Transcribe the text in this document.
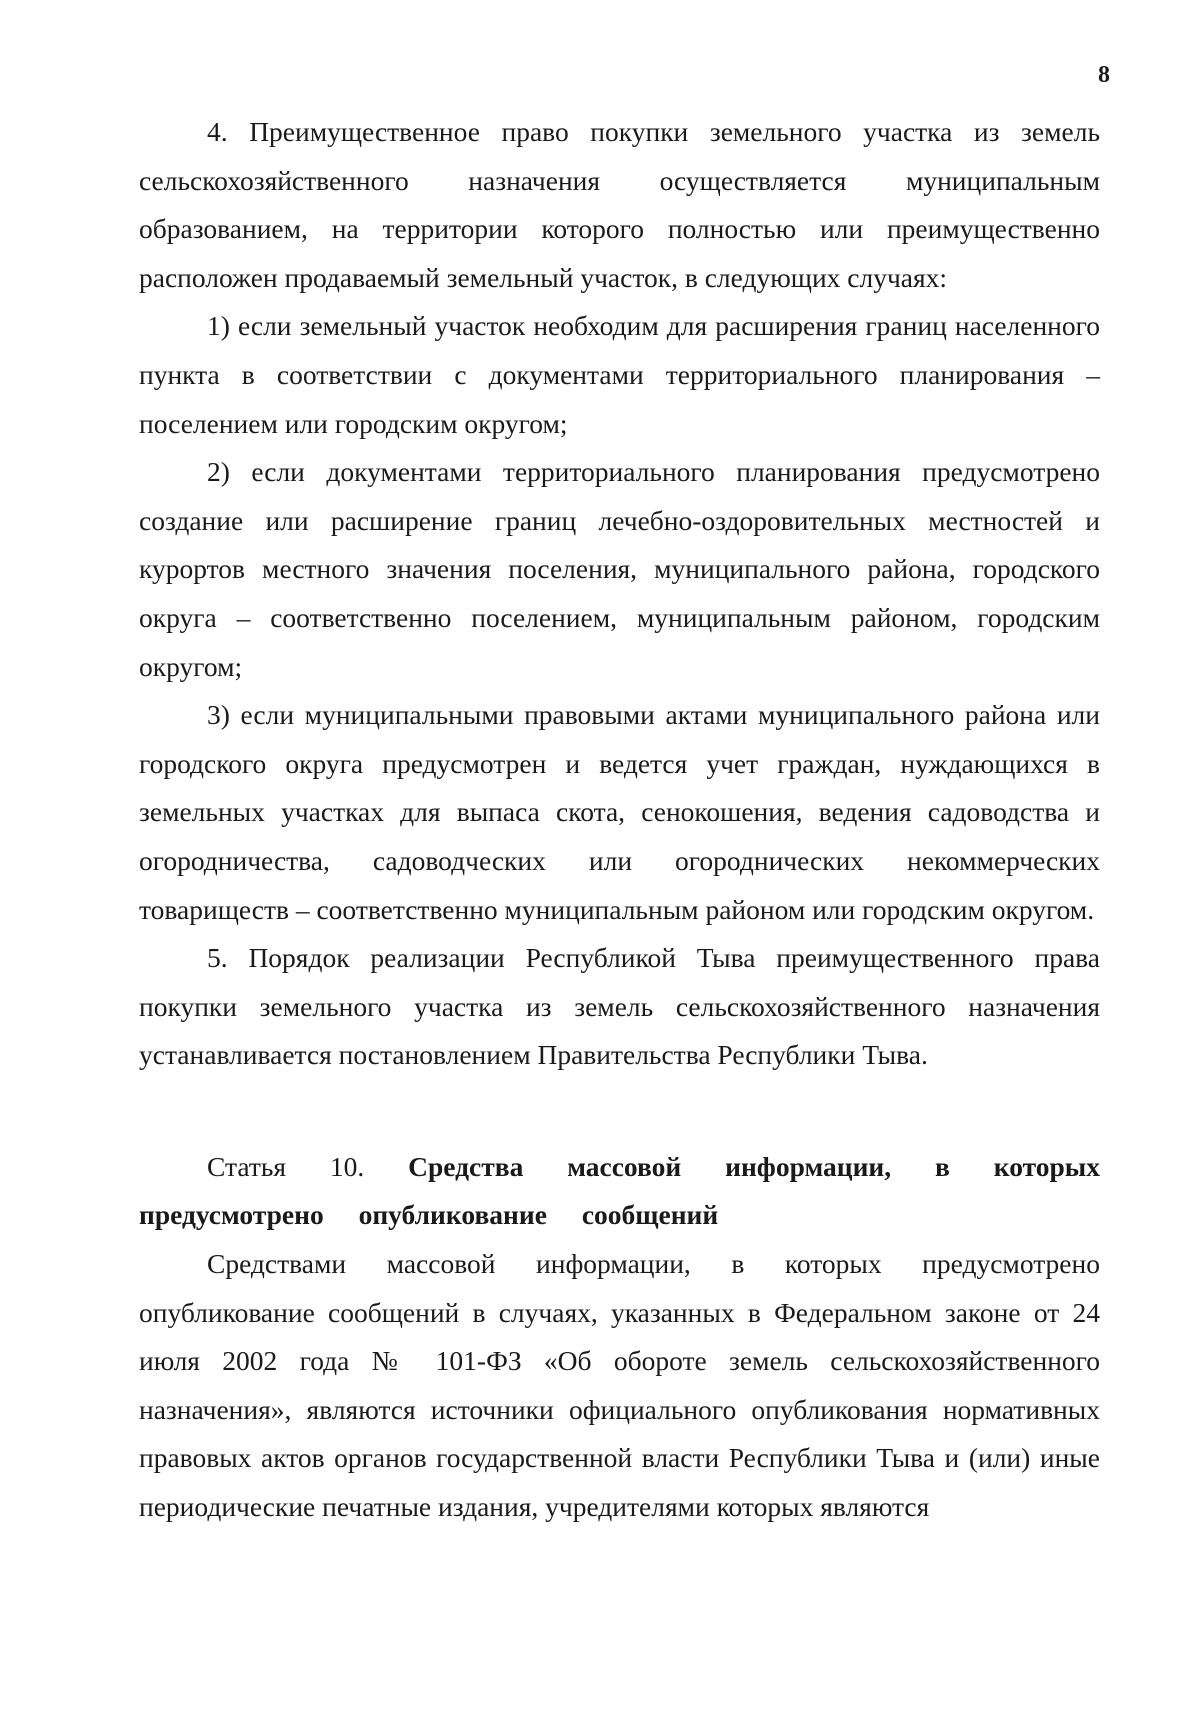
8

4. Преимущественное право покупки земельного участка из земель сельскохозяйственного назначения осуществляется муниципальным образованием, на территории которого полностью или преимущественно расположен продаваемый земельный участок, в следующих случаях:

1) если земельный участок необходим для расширения границ населенного пункта в соответствии с документами территориального планирования – поселением или городским округом;

2) если документами территориального планирования предусмотрено создание или расширение границ лечебно-оздоровительных местностей и курортов местного значения поселения, муниципального района, городского округа – соответственно поселением, муниципальным районом, городским округом;

3) если муниципальными правовыми актами муниципального района или городского округа предусмотрен и ведется учет граждан, нуждающихся в земельных участках для выпаса скота, сенокошения, ведения садоводства и огородничества, садоводческих или огороднических некоммерческих товариществ – соответственно муниципальным районом или городским округом.

5. Порядок реализации Республикой Тыва преимущественного права покупки земельного участка из земель сельскохозяйственного назначения устанавливается постановлением Правительства Республики Тыва.

Статья 10. Средства массовой информации, в которых предусмотрено опубликование сообщений

Средствами массовой информации, в которых предусмотрено опубликование сообщений в случаях, указанных в Федеральном законе от 24 июля 2002 года № 101-ФЗ «Об обороте земель сельскохозяйственного назначения», являются источники официального опубликования нормативных правовых актов органов государственной власти Республики Тыва и (или) иные периодические печатные издания, учредителями которых являются
